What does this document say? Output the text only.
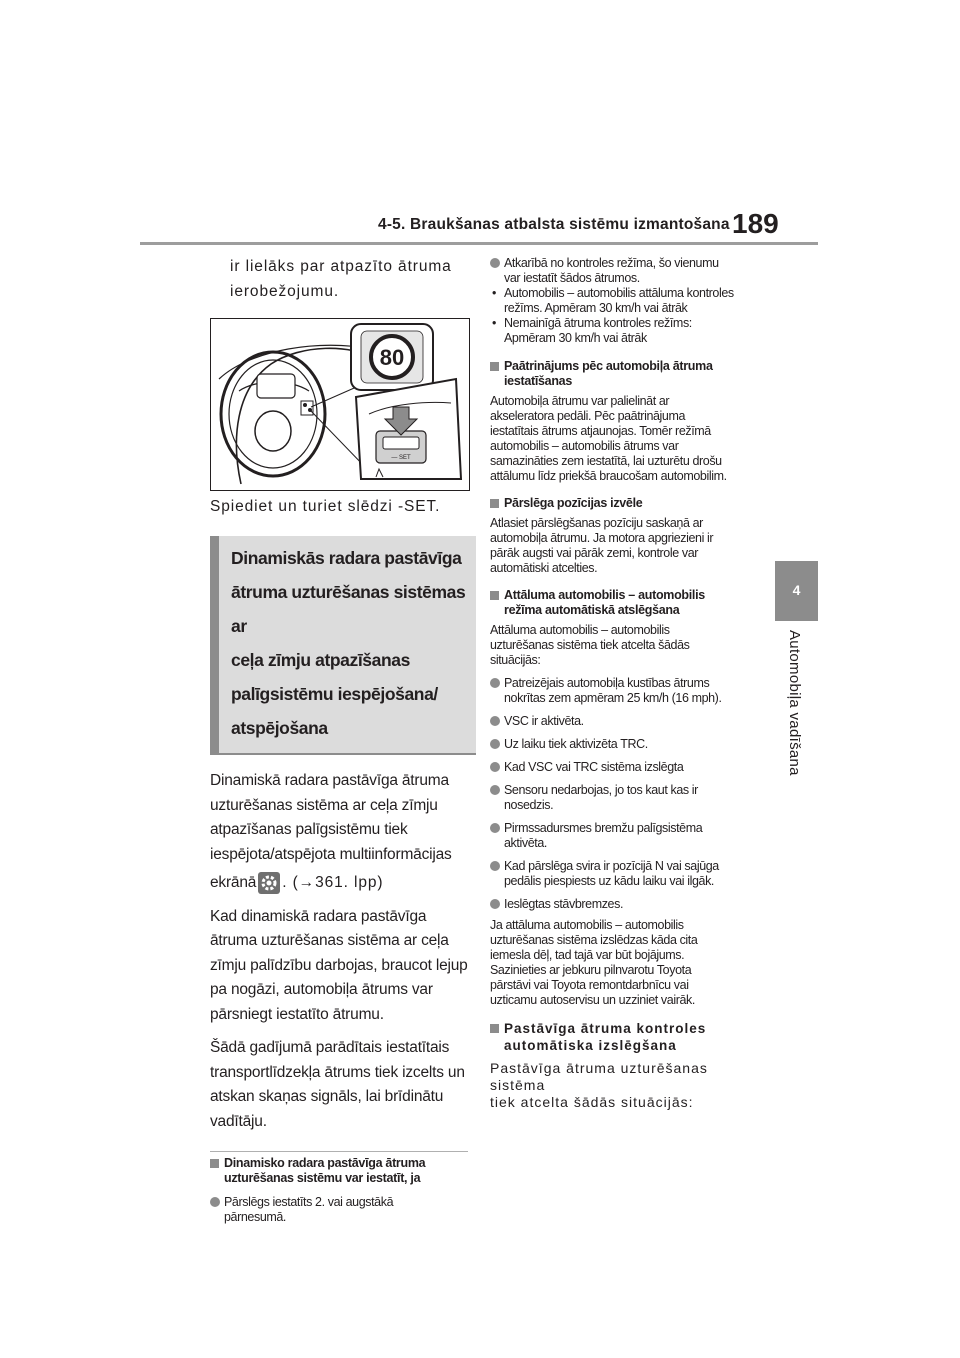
4-5. Braukšanas atbalsta sistēmu izmantošana 189
4
Automobiļa vadīšana
ir lielāks par atpazīto ātruma ierobežojumu.
80
— SET
Spiediet un turiet slēdzi -SET.
Dinamiskās radara pastāvīga
ātruma uzturēšanas sistēmas ar
ceļa zīmju atpazīšanas
palīgsistēmu iespējošana/
atspējošana
Dinamiskā radara pastāvīga ātruma
uzturēšanas sistēma ar ceļa zīmju
atpazīšanas palīgsistēmu tiek
iespējota/atspējota multiinformācijas
ekrānā . (→361. lpp)
Kad dinamiskā radara pastāvīga
ātruma uzturēšanas sistēma ar ceļa
zīmju palīdzību darbojas, braucot lejup
pa nogāzi, automobiļa ātrums var
pārsniegt iestatīto ātrumu.
Šādā gadījumā parādītais iestatītais
transportlīdzekļa ātrums tiek izcelts un
atskan skaņas signāls, lai brīdinātu
vadītāju.
Dinamisko radara pastāvīga ātruma
uzturēšanas sistēmu var iestatīt, ja
Pārslēgs iestatīts 2. vai augstākā
pārnesumā.
Atkarībā no kontroles režīma, šo vienumu
var iestatīt šādos ātrumos.
• Automobilis – automobilis attāluma kontroles
režīms. Apmēram 30 km/h vai ātrāk
• Nemainīgā ātruma kontroles režīms:
Apmēram 30 km/h vai ātrāk
Paātrinājums pēc automobiļa ātruma
iestatīšanas
Automobiļa ātrumu var palielināt ar
akseleratora pedāli. Pēc paātrinājuma
iestatītais ātrums atjaunojas. Tomēr režīmā
automobilis – automobilis ātrums var
samazināties zem iestatītā, lai uzturētu drošu
attālumu līdz priekšā braucošam automobilim.
Pārslēga pozīcijas izvēle
Atlasiet pārslēgšanas pozīciju saskaņā ar
automobiļa ātrumu. Ja motora apgriezieni ir
pārāk augsti vai pārāk zemi, kontrole var
automātiski atcelties.
Attāluma automobilis – automobilis
režīma automātiskā atslēgšana
Attāluma automobilis – automobilis
uzturēšanas sistēma tiek atcelta šādās
situācijās:
Patreizējais automobiļa kustības ātrums
nokrītas zem apmēram 25 km/h (16 mph).
VSC ir aktivēta.
Uz laiku tiek aktivizēta TRC.
Kad VSC vai TRC sistēma izslēgta
Sensoru nedarbojas, jo tos kaut kas ir
nosedzis.
Pirmssadursmes bremžu palīgsistēma
aktivēta.
Kad pārslēga svira ir pozīcijā N vai sajūga
pedālis piespiests uz kādu laiku vai ilgāk.
Ieslēgtas stāvbremzes.
Ja attāluma automobilis – automobilis
uzturēšanas sistēma izslēdzas kāda cita
iemesla dēļ, tad tajā var būt bojājums.
Sazinieties ar jebkuru pilnvarotu Toyota
pārstāvi vai Toyota remontdarbnīcu vai
uzticamu autoservisu un uzziniet vairāk.
Pastāvīga ātruma kontroles
automātiska izslēgšana
Pastāvīga ātruma uzturēšanas sistēma
tiek atcelta šādās situācijās:
